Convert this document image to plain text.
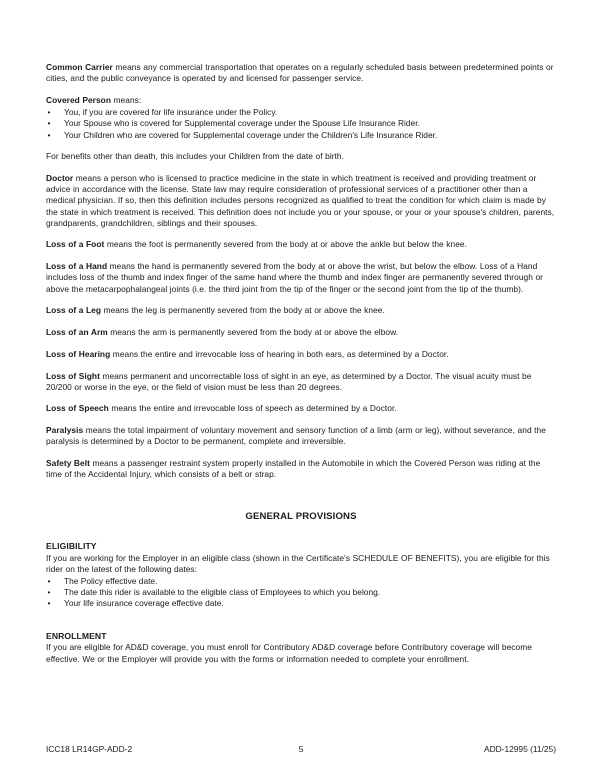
Common Carrier means any commercial transportation that operates on a regularly scheduled basis between predetermined points or cities, and the public conveyance is operated by and licensed for passenger service.

Covered Person means:

• You, if you are covered for life insurance under the Policy.
• Your Spouse who is covered for Supplemental coverage under the Spouse Life Insurance Rider.
• Your Children who are covered for Supplemental coverage under the Children's Life Insurance Rider.

For benefits other than death, this includes your Children from the date of birth.

Doctor means a person who is licensed to practice medicine in the state in which treatment is received and providing treatment or advice in accordance with the license. State law may require consideration of professional services of a practitioner other than a medical physician. If so, then this definition includes persons recognized as qualified to treat the condition for which claim is made by the state in which treatment is received. This definition does not include you or your spouse, or your or your spouse's children, parents, grandparents, grandchildren, siblings and their spouses.

Loss of a Foot means the foot is permanently severed from the body at or above the ankle but below the knee.

Loss of a Hand means the hand is permanently severed from the body at or above the wrist, but below the elbow. Loss of a Hand includes loss of the thumb and index finger of the same hand where the thumb and index finger are permanently severed through or above the metacarpophalangeal joints (i.e. the third joint from the tip of the finger or the second joint from the tip of the thumb).

Loss of a Leg means the leg is permanently severed from the body at or above the knee.

Loss of an Arm means the arm is permanently severed from the body at or above the elbow.

Loss of Hearing means the entire and irrevocable loss of hearing in both ears, as determined by a Doctor.

Loss of Sight means permanent and uncorrectable loss of sight in an eye, as determined by a Doctor. The visual acuity must be 20/200 or worse in the eye, or the field of vision must be less than 20 degrees.

Loss of Speech means the entire and irrevocable loss of speech as determined by a Doctor.

Paralysis means the total impairment of voluntary movement and sensory function of a limb (arm or leg), without severance, and the paralysis is determined by a Doctor to be permanent, complete and irreversible.

Safety Belt means a passenger restraint system properly installed in the Automobile in which the Covered Person was riding at the time of the Accidental Injury, which consists of a belt or strap.

GENERAL PROVISIONS
ELIGIBILITY

If you are working for the Employer in an eligible class (shown in the Certificate's SCHEDULE OF BENEFITS), you are eligible for this rider on the latest of the following dates:

• The Policy effective date.
• The date this rider is available to the eligible class of Employees to which you belong.
• Your life insurance coverage effective date.
ENROLLMENT

If you are eligible for AD&D coverage, you must enroll for Contributory AD&D coverage before Contributory coverage will become effective. We or the Employer will provide you with the forms or information needed to complete your enrollment.

ICC18 LR14GP-ADD-2	5	ADD-12995 (11/25)
